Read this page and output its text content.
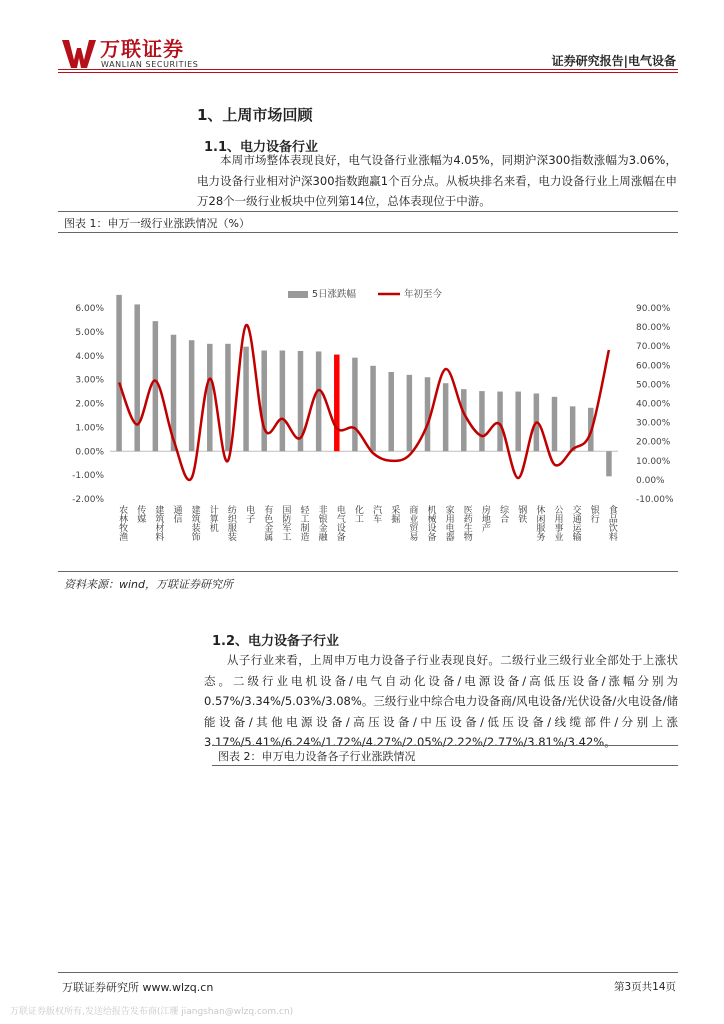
万联证券
WANLIAN SECURITIES	证券研究报告|电气设备
1、上周市场回顾
1.1、电力设备行业
本周市场整体表现良好，电气设备行业涨幅为4.05%，同期沪深300指数涨幅为3.06%，电力设备行业相对沪深300指数跑赢1个百分点。从板块排名来看，电力设备行业上周涨幅在申万28个一级行业板块中位列第14位，总体表现位于中游。
图表 1：申万一级行业涨跌情况（%）
-2.00%
-1.00%
0.00%
1.00%
2.00%
3.00%
4.00%
5.00%
6.00%
-10.00%
0.00%
10.00%
20.00%
30.00%
40.00%
50.00%
60.00%
70.00%
80.00%
90.00%
农林牧渔 传媒 建筑材料 通信 建筑装饰 计算机 纺织服装 电子 有色金属 国防军工 轻工制造 非银金融 电气设备 化工 汽车 采掘 商业贸易 机械设备 家用电器 医药生物 房地产 综合 钢铁 休闲服务 公用事业 交通运输 银行 食品饮料
5日涨跌幅	年初至今
资料来源：wind，万联证券研究所
1.2、电力设备子行业
从子行业来看，上周申万电力设备子行业表现良好。二级行业三级行业全部处于上涨状态。二级行业电机设备/电气自动化设备/电源设备/高低压设备/涨幅分别为0.57%/3.34%/5.03%/3.08%。三级行业中综合电力设备商/风电设备/光伏设备/火电设备/储能设备/其他电源设备/高压设备/中压设备/低压设备/线缆部件/分别上涨3.17%/5.41%/6.24%/1.72%/4.27%/2.05%/2.22%/2.77%/3.81%/3.42%。
图表 2：申万电力设备各子行业涨跌情况
万联证券研究所 www.wlzq.cn	第3页共14页
万联证券版权所有,发送给报告发布商(江珊 jiangshan@wlzq.com.cn)
